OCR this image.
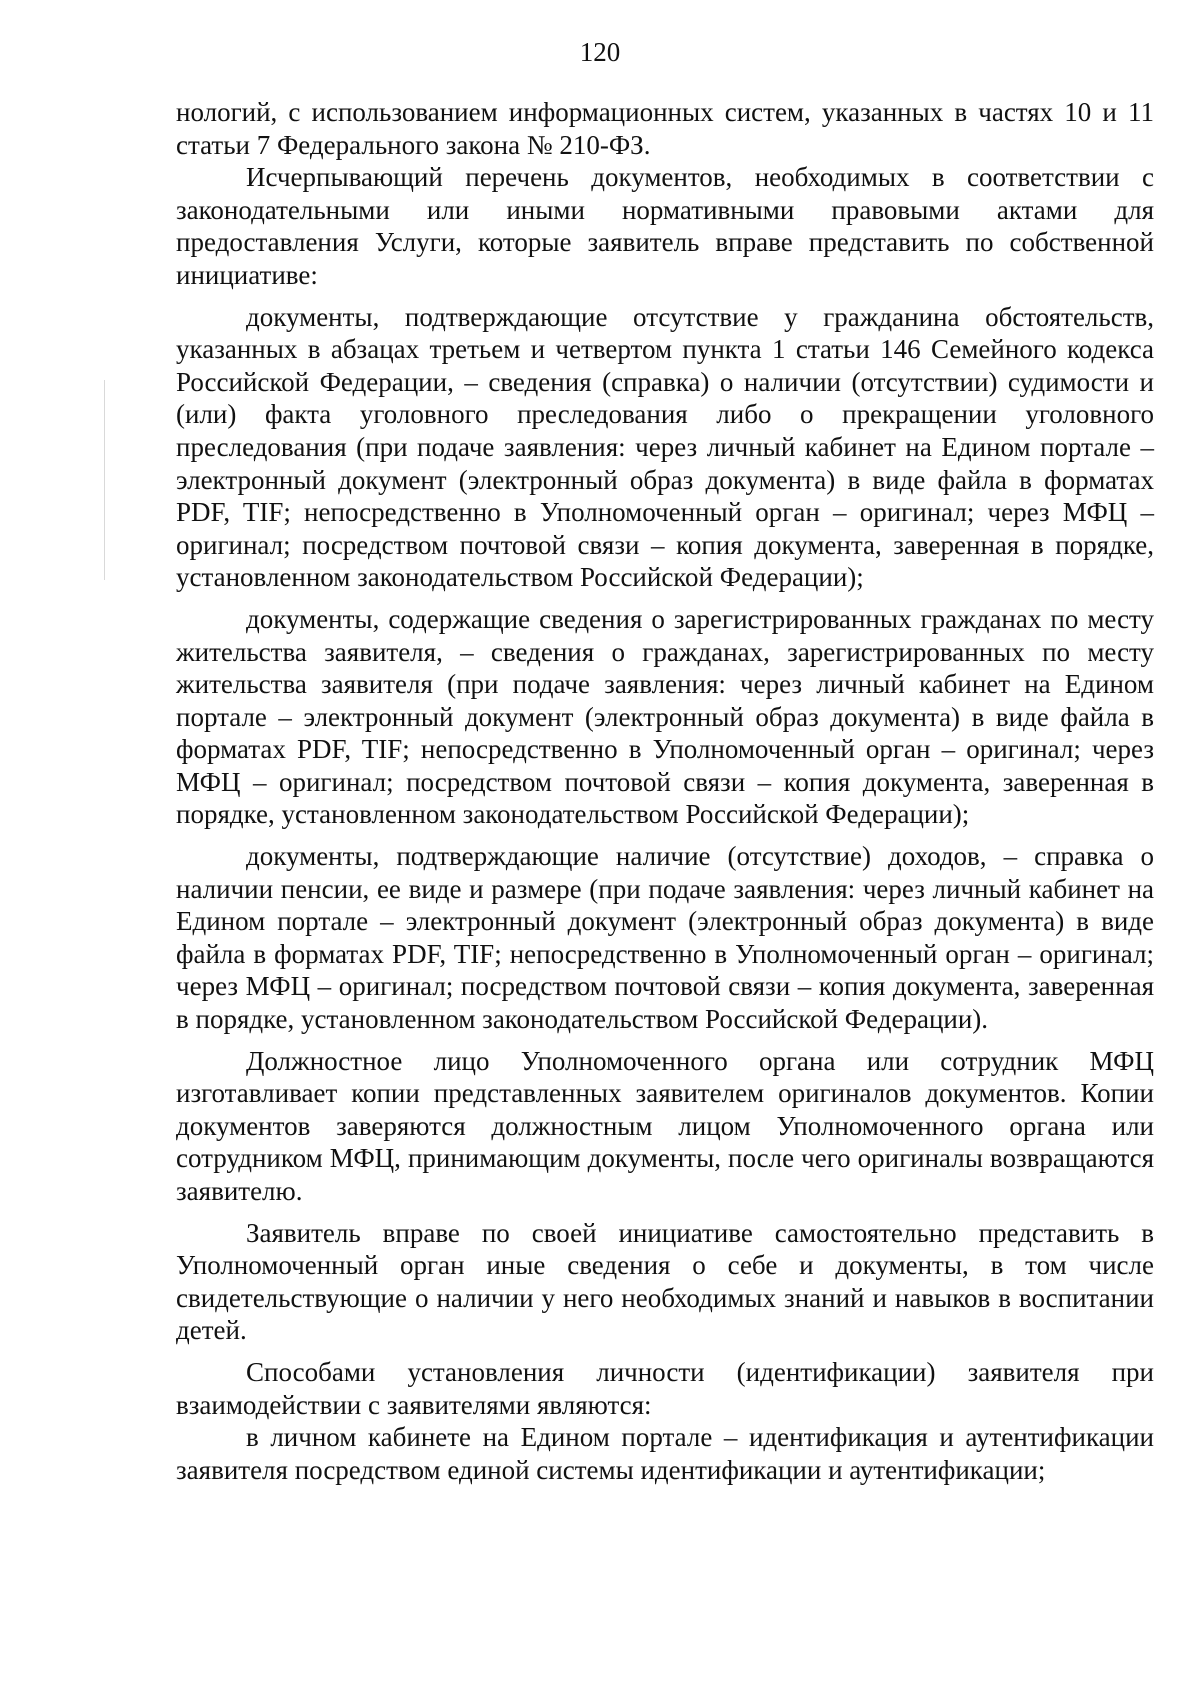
120

нологий, с использованием информационных систем, указанных в частях 10 и 11 статьи 7 Федерального закона № 210-ФЗ.

Исчерпывающий перечень документов, необходимых в соответствии с законодательными или иными нормативными правовыми актами для предоставления Услуги, которые заявитель вправе представить по собственной инициативе:

документы, подтверждающие отсутствие у гражданина обстоятельств, указанных в абзацах третьем и четвертом пункта 1 статьи 146 Семейного кодекса Российской Федерации, – сведения (справка) о наличии (отсутствии) судимости и (или) факта уголовного преследования либо о прекращении уголовного преследования (при подаче заявления: через личный кабинет на Едином портале – электронный документ (электронный образ документа) в виде файла в форматах PDF, TIF; непосредственно в Уполномоченный орган – оригинал; через МФЦ – оригинал; посредством почтовой связи – копия документа, заверенная в порядке, установленном законодательством Российской Федерации);

документы, содержащие сведения о зарегистрированных гражданах по месту жительства заявителя, – сведения о гражданах, зарегистрированных по месту жительства заявителя (при подаче заявления: через личный кабинет на Едином портале – электронный документ (электронный образ документа) в виде файла в форматах PDF, TIF; непосредственно в Уполномоченный орган – оригинал; через МФЦ – оригинал; посредством почтовой связи – копия документа, заверенная в порядке, установленном законодательством Российской Федерации);

документы, подтверждающие наличие (отсутствие) доходов, – справка о наличии пенсии, ее виде и размере (при подаче заявления: через личный кабинет на Едином портале – электронный документ (электронный образ документа) в виде файла в форматах PDF, TIF; непосредственно в Уполномоченный орган – оригинал; через МФЦ – оригинал; посредством почтовой связи – копия документа, заверенная в порядке, установленном законодательством Российской Федерации).

Должностное лицо Уполномоченного органа или сотрудник МФЦ изготавливает копии представленных заявителем оригиналов документов. Копии документов заверяются должностным лицом Уполномоченного органа или сотрудником МФЦ, принимающим документы, после чего оригиналы возвращаются заявителю.

Заявитель вправе по своей инициативе самостоятельно представить в Уполномоченный орган иные сведения о себе и документы, в том числе свидетельствующие о наличии у него необходимых знаний и навыков в воспитании детей.

Способами установления личности (идентификации) заявителя при взаимодействии с заявителями являются:

в личном кабинете на Едином портале – идентификация и аутентификации заявителя посредством единой системы идентификации и аутентификации;
